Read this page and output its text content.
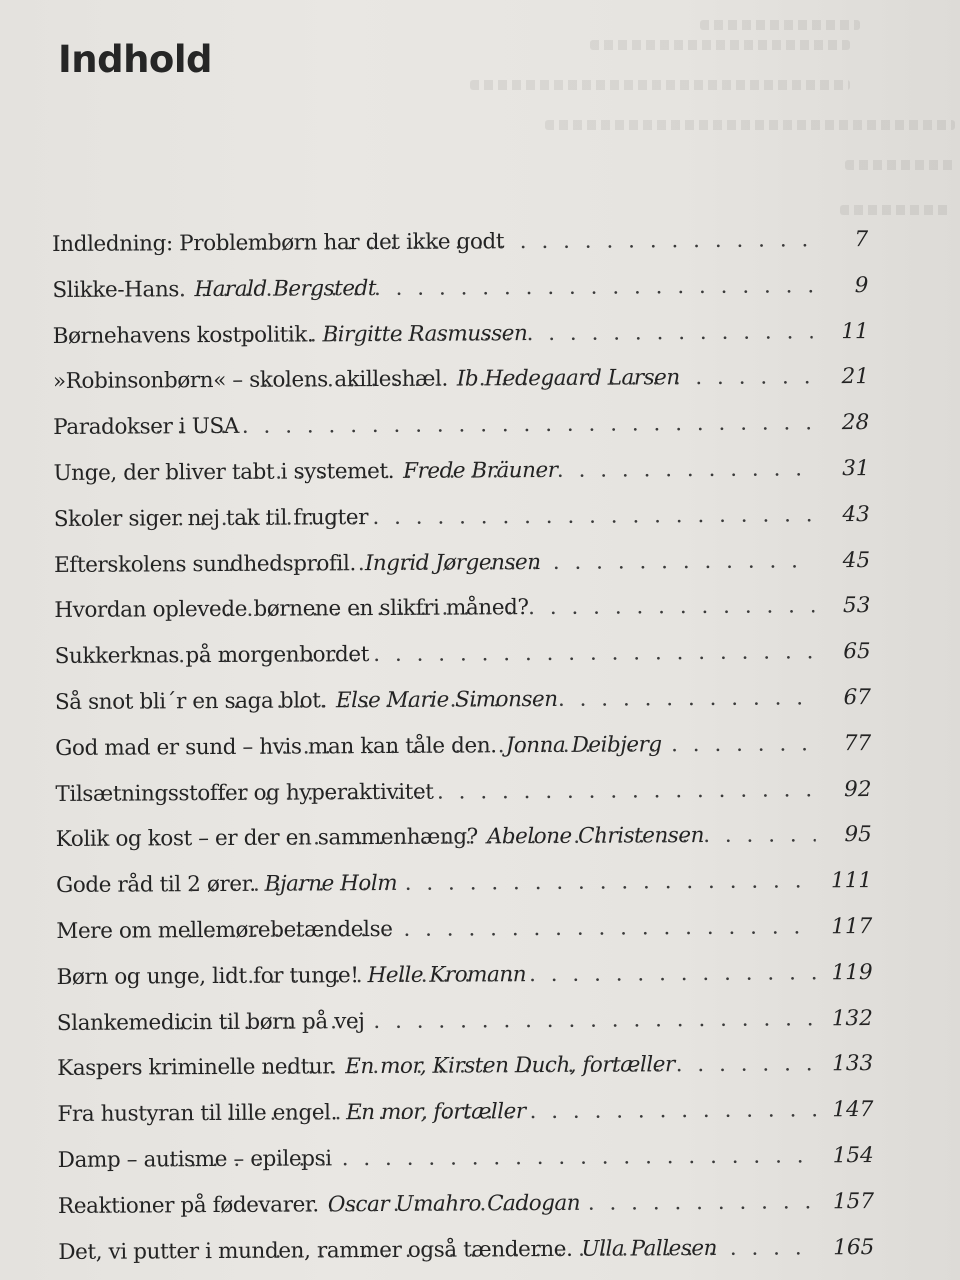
Indhold
Indledning: Problembørn har det ikke godt . . .	7
Slikke-Hans. Harald Bergstedt . . .	9
Børnehavens kostpolitik. Birgitte Rasmussen . . .	11
»Robinsonbørn« – skolens akilleshæl. Ib Hedegaard Larsen . . .	21
Paradokser i USA . . .	28
Unge, der bliver tabt i systemet. Frede Bräuner . . .	31
Skoler siger nej tak til frugter . . .	43
Efterskolens sundhedsprofil. Ingrid Jørgensen . . .	45
Hvordan oplevede børnene en slikfri måned? . . .	53
Sukkerknas på morgenbordet . . .	65
Så snot bli´r en saga blot. Else Marie Simonsen . . .	67
God mad er sund – hvis man kan tåle den. Jonna Deibjerg . . .	77
Tilsætningsstoffer og hyperaktivitet . . .	92
Kolik og kost – er der en sammenhæng? Abelone Christensen . . .	95
Gode råd til 2 ører. Bjarne Holm . . .	111
Mere om mellemørebetændelse . . .	117
Børn og unge, lidt for tunge! Helle Kromann . . .	119
Slankemedicin til børn på vej . . .	132
Kaspers kriminelle nedtur. En mor, Kirsten Duch, fortæller . . .	133
Fra hustyran til lille engel. En mor, fortæller . . .	147
Damp – autisme – epilepsi . . .	154
Reaktioner på fødevarer. Oscar Umahro Cadogan . . .	157
Det, vi putter i munden, rammer også tænderne. Ulla Pallesen . . .	165
